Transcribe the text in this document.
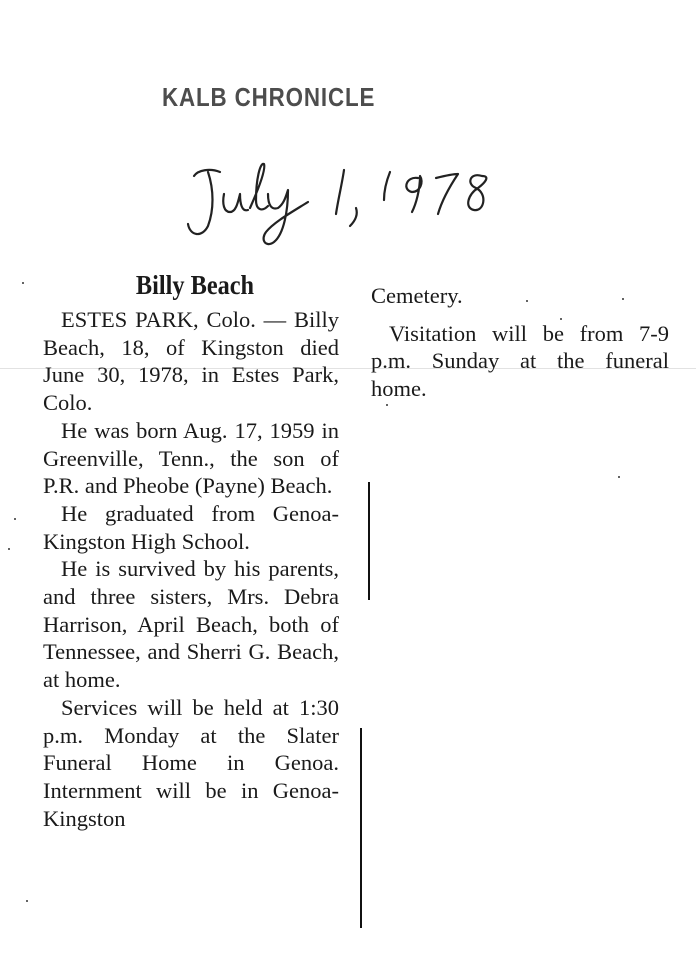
KALB CHRONICLE
Billy Beach

ESTES PARK, Colo. — Billy Beach, 18, of Kingston died June 30, 1978, in Estes Park, Colo.

He was born Aug. 17, 1959 in Greenville, Tenn., the son of P.R. and Pheobe (Payne) Beach.

He graduated from Genoa-Kingston High School.

He is survived by his parents, and three sisters, Mrs. Debra Harrison, April Beach, both of Tennessee, and Sherri G. Beach, at home.

Services will be held at 1:30 p.m. Monday at the Slater Funeral Home in Genoa. Internment will be in Genoa-Kingston

Cemetery.

Visitation will be from 7-9 p.m. Sunday at the funeral home.
